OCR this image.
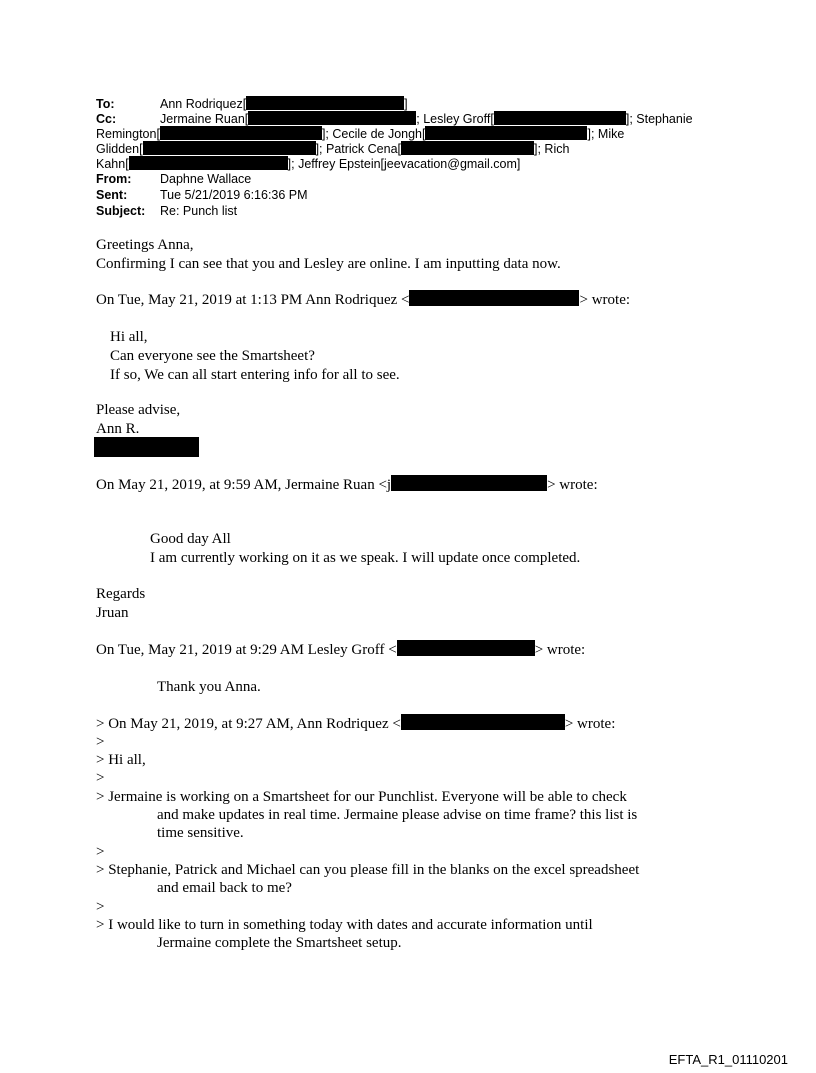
To:	Ann Rodriquez[	]
Cc:	Jermaine Ruan[	; Lesley Groff[	]; Stephanie
Remington[	]; Cecile de Jongh[	]; Mike
Glidden[	]; Patrick Cena[	]; Rich
Kahn[	]; Jeffrey Epstein[jeevacation@gmail.com]
From: Daphne Wallace
Sent:	Tue 5/21/2019 6:16:36 PM
Subject: Re: Punch list
Greetings Anna,
Confirming I can see that you and Lesley are online. I am inputting data now.
On Tue, May 21, 2019 at 1:13 PM Ann Rodriquez <	> wrote:
Hi all,
Can everyone see the Smartsheet?
If so, We can all start entering info for all to see.
Please advise,
Ann R.
On May 21, 2019, at 9:59 AM, Jermaine Ruan <j	> wrote:
Good day All
I am currently working on it as we speak. I will update once completed.
Regards
Jruan
On Tue, May 21, 2019 at 9:29 AM Lesley Groff <	> wrote:
Thank you Anna.
> On May 21, 2019, at 9:27 AM, Ann Rodriquez <	> wrote:
>
> Hi all,
>
> Jermaine is working on a Smartsheet for our Punchlist. Everyone will be able to check
and make updates in real time. Jermaine please advise on time frame? this list is
time sensitive.
>
> Stephanie, Patrick and Michael can you please fill in the blanks on the excel spreadsheet
and email back to me?
>
> I would like to turn in something today with dates and accurate information until
Jermaine complete the Smartsheet setup.
EFTA_R1_01110201
